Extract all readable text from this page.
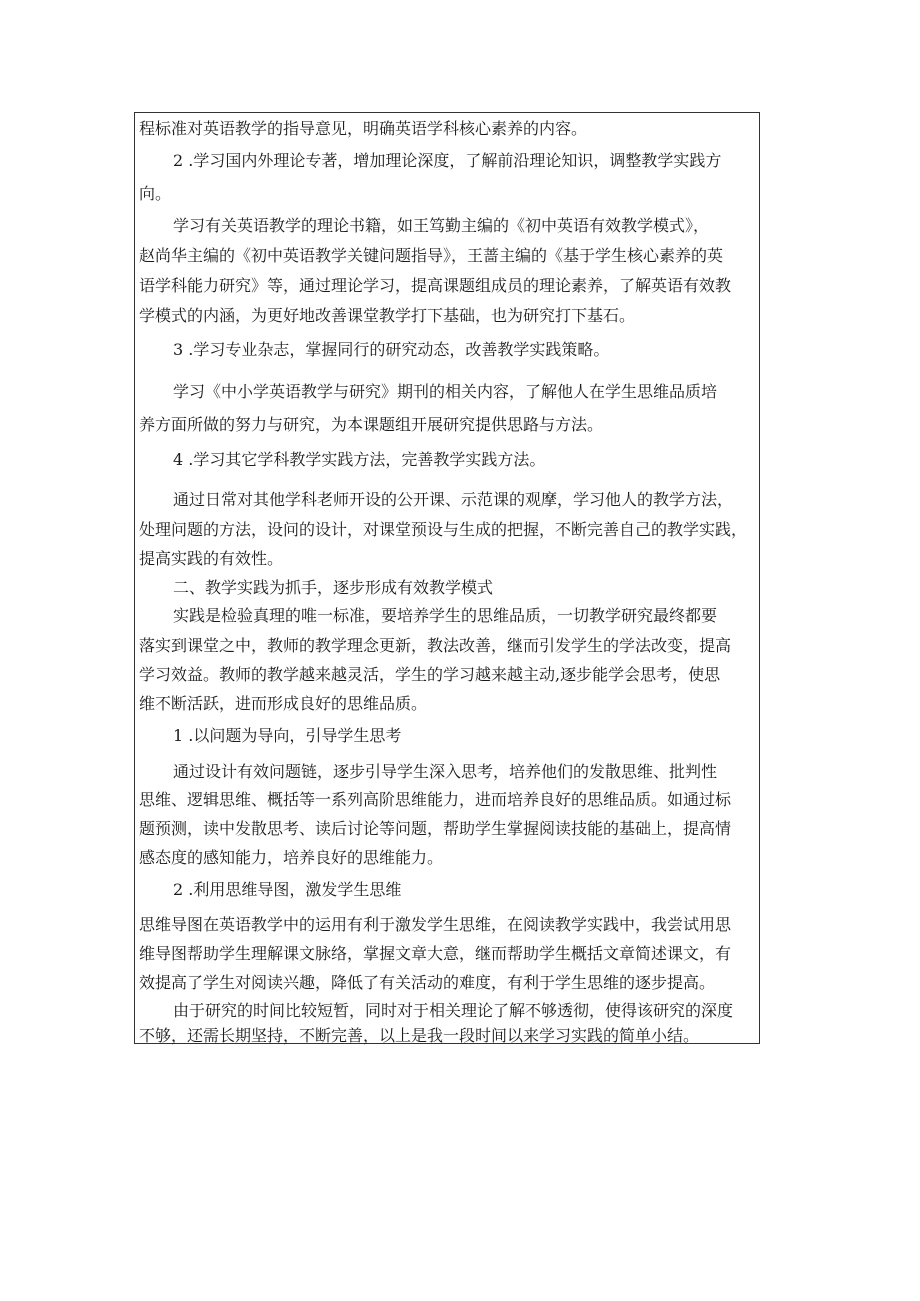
程标准对英语教学的指导意见，明确英语学科核心素养的内容。
2 .学习国内外理论专著，增加理论深度，了解前沿理论知识，调整教学实践方
向。
学习有关英语教学的理论书籍，如王笃勤主编的《初中英语有效教学模式》，
赵尚华主编的《初中英语教学关键问题指导》，王蔷主编的《基于学生核心素养的英
语学科能力研究》等，通过理论学习，提高课题组成员的理论素养，了解英语有效教
学模式的内涵，为更好地改善课堂教学打下基础，也为研究打下基石。
3 .学习专业杂志，掌握同行的研究动态，改善教学实践策略。
学习《中小学英语教学与研究》期刊的相关内容，了解他人在学生思维品质培
养方面所做的努力与研究，为本课题组开展研究提供思路与方法。
4 .学习其它学科教学实践方法，完善教学实践方法。
通过日常对其他学科老师开设的公开课、示范课的观摩，学习他人的教学方法，
处理问题的方法，设问的设计，对课堂预设与生成的把握，不断完善自己的教学实践，
提高实践的有效性。
二、教学实践为抓手，逐步形成有效教学模式
实践是检验真理的唯一标准，要培养学生的思维品质，一切教学研究最终都要
落实到课堂之中，教师的教学理念更新，教法改善，继而引发学生的学法改变，提高
学习效益。教师的教学越来越灵活，学生的学习越来越主动,逐步能学会思考，使思
维不断活跃，进而形成良好的思维品质。
1 .以问题为导向，引导学生思考
通过设计有效问题链，逐步引导学生深入思考，培养他们的发散思维、批判性
思维、逻辑思维、概括等一系列高阶思维能力，进而培养良好的思维品质。如通过标
题预测，读中发散思考、读后讨论等问题，帮助学生掌握阅读技能的基础上，提高情
感态度的感知能力，培养良好的思维能力。
2 .利用思维导图，激发学生思维
思维导图在英语教学中的运用有利于激发学生思维，在阅读教学实践中，我尝试用思
维导图帮助学生理解课文脉络，掌握文章大意，继而帮助学生概括文章简述课文，有
效提高了学生对阅读兴趣，降低了有关活动的难度，有利于学生思维的逐步提高。
由于研究的时间比较短暂，同时对于相关理论了解不够透彻，使得该研究的深度
不够，还需长期坚持，不断完善，以上是我一段时间以来学习实践的简单小结。
